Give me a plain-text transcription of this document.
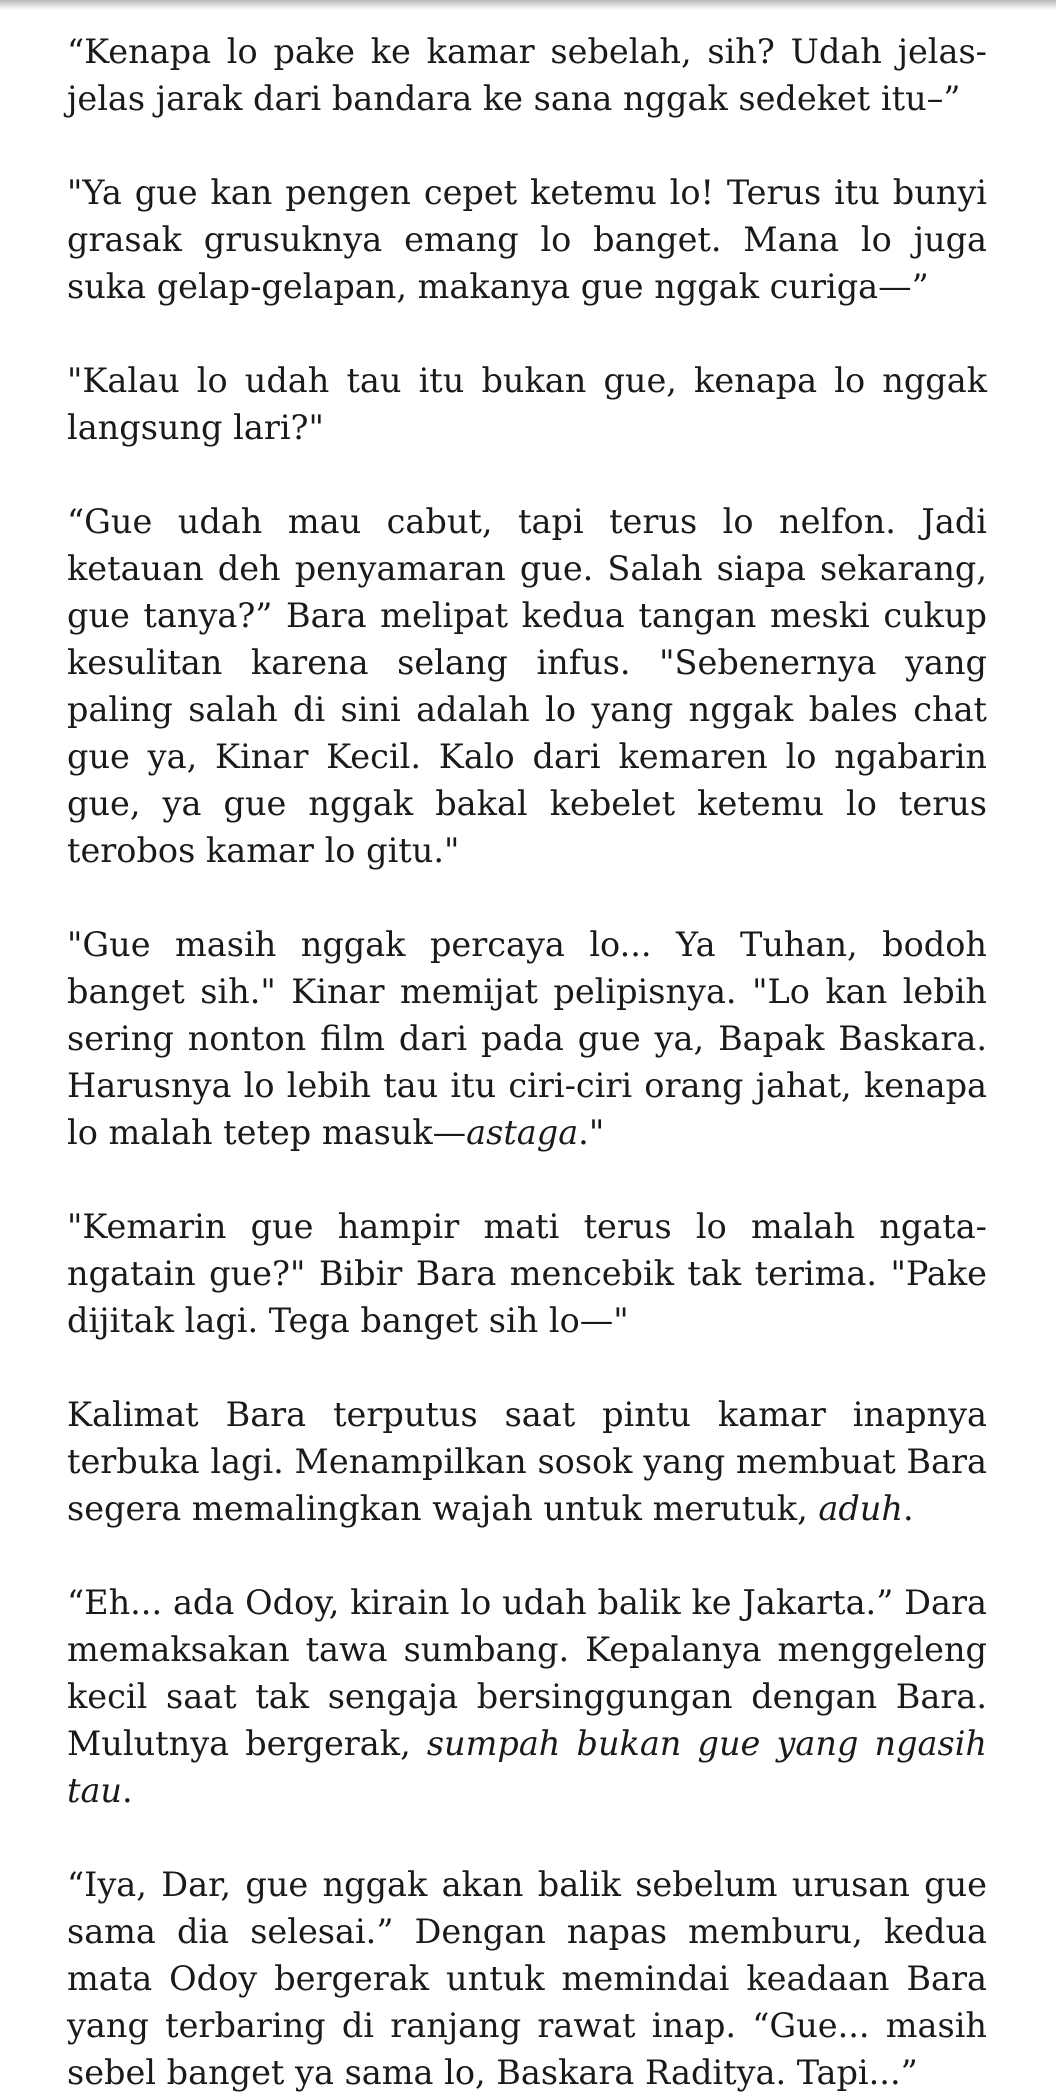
“Kenapa lo pake ke kamar sebelah, sih? Udah jelas-jelas jarak dari bandara ke sana nggak sedeket itu–”

"Ya gue kan pengen cepet ketemu lo! Terus itu bunyi grasak grusuknya emang lo banget. Mana lo juga suka gelap-gelapan, makanya gue nggak curiga—”

"Kalau lo udah tau itu bukan gue, kenapa lo nggak langsung lari?"

“Gue udah mau cabut, tapi terus lo nelfon. Jadi ketauan deh penyamaran gue. Salah siapa sekarang, gue tanya?” Bara melipat kedua tangan meski cukup kesulitan karena selang infus. "Sebenernya yang paling salah di sini adalah lo yang nggak bales chat gue ya, Kinar Kecil. Kalo dari kemaren lo ngabarin gue, ya gue nggak bakal kebelet ketemu lo terus terobos kamar lo gitu."

"Gue masih nggak percaya lo... Ya Tuhan, bodoh banget sih." Kinar memijat pelipisnya. "Lo kan lebih sering nonton film dari pada gue ya, Bapak Baskara. Harusnya lo lebih tau itu ciri-ciri orang jahat, kenapa lo malah tetep masuk—astaga."

"Kemarin gue hampir mati terus lo malah ngata-ngatain gue?" Bibir Bara mencebik tak terima. "Pake dijitak lagi. Tega banget sih lo—"

Kalimat Bara terputus saat pintu kamar inapnya terbuka lagi. Menampilkan sosok yang membuat Bara segera memalingkan wajah untuk merutuk, aduh.

“Eh... ada Odoy, kirain lo udah balik ke Jakarta.” Dara memaksakan tawa sumbang. Kepalanya menggeleng kecil saat tak sengaja bersinggungan dengan Bara. Mulutnya bergerak, sumpah bukan gue yang ngasih tau.

“Iya, Dar, gue nggak akan balik sebelum urusan gue sama dia selesai.” Dengan napas memburu, kedua mata Odoy bergerak untuk memindai keadaan Bara yang terbaring di ranjang rawat inap. “Gue... masih sebel banget ya sama lo, Baskara Raditya. Tapi...”
